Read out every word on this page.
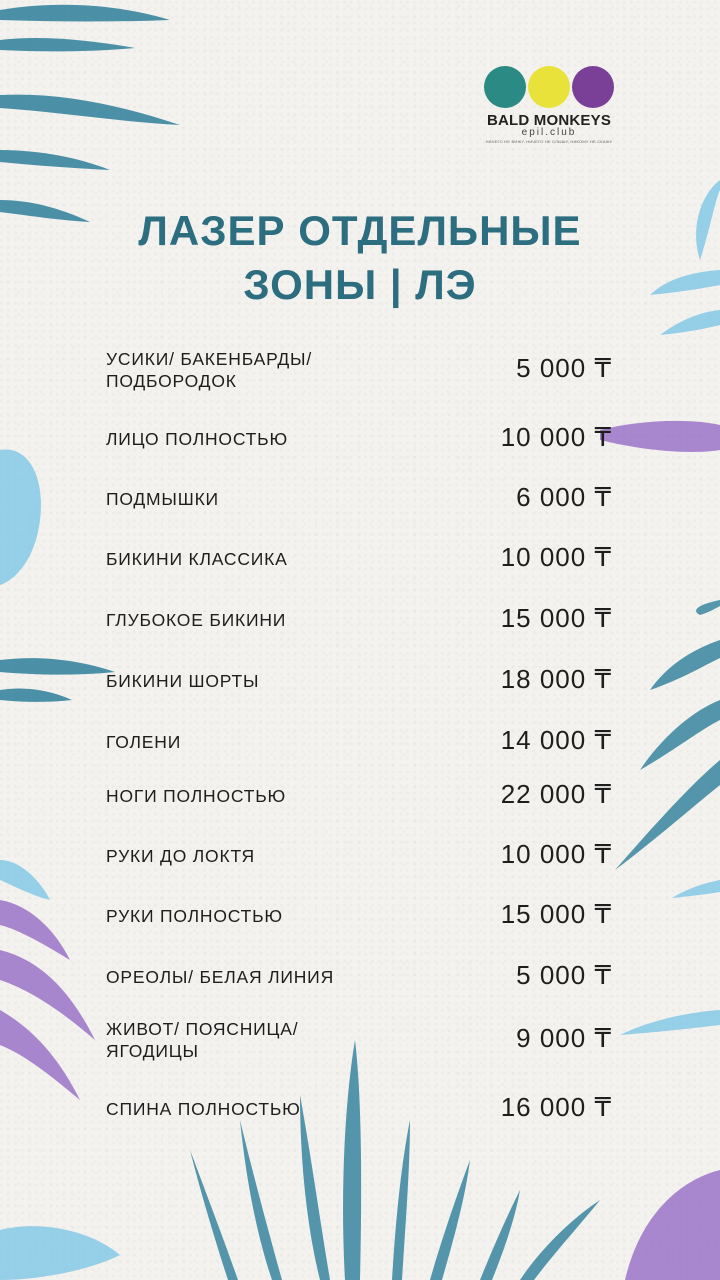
BALD MONKEYS
epil.club
НИЧЕГО НЕ ВИЖУ, НИЧЕГО НЕ СЛЫШУ, НИКОМУ НЕ СКАЖУ
ЛАЗЕР ОТДЕЛЬНЫЕ
ЗОНЫ | ЛЭ
УСИКИ/ БАКЕНБАРДЫ/
ПОДБОРОДОК	5 000 ₸
ЛИЦО ПОЛНОСТЬЮ	10 000 ₸
ПОДМЫШКИ	6 000 ₸
БИКИНИ КЛАССИКА	10 000 ₸
ГЛУБОКОЕ БИКИНИ	15 000 ₸
БИКИНИ ШОРТЫ	18 000 ₸
ГОЛЕНИ	14 000 ₸
НОГИ ПОЛНОСТЬЮ	22 000 ₸
РУКИ ДО ЛОКТЯ	10 000 ₸
РУКИ ПОЛНОСТЬЮ	15 000 ₸
ОРЕОЛЫ/ БЕЛАЯ ЛИНИЯ	5 000 ₸
ЖИВОТ/ ПОЯСНИЦА/
ЯГОДИЦЫ	9 000 ₸
СПИНА ПОЛНОСТЬЮ	16 000 ₸
